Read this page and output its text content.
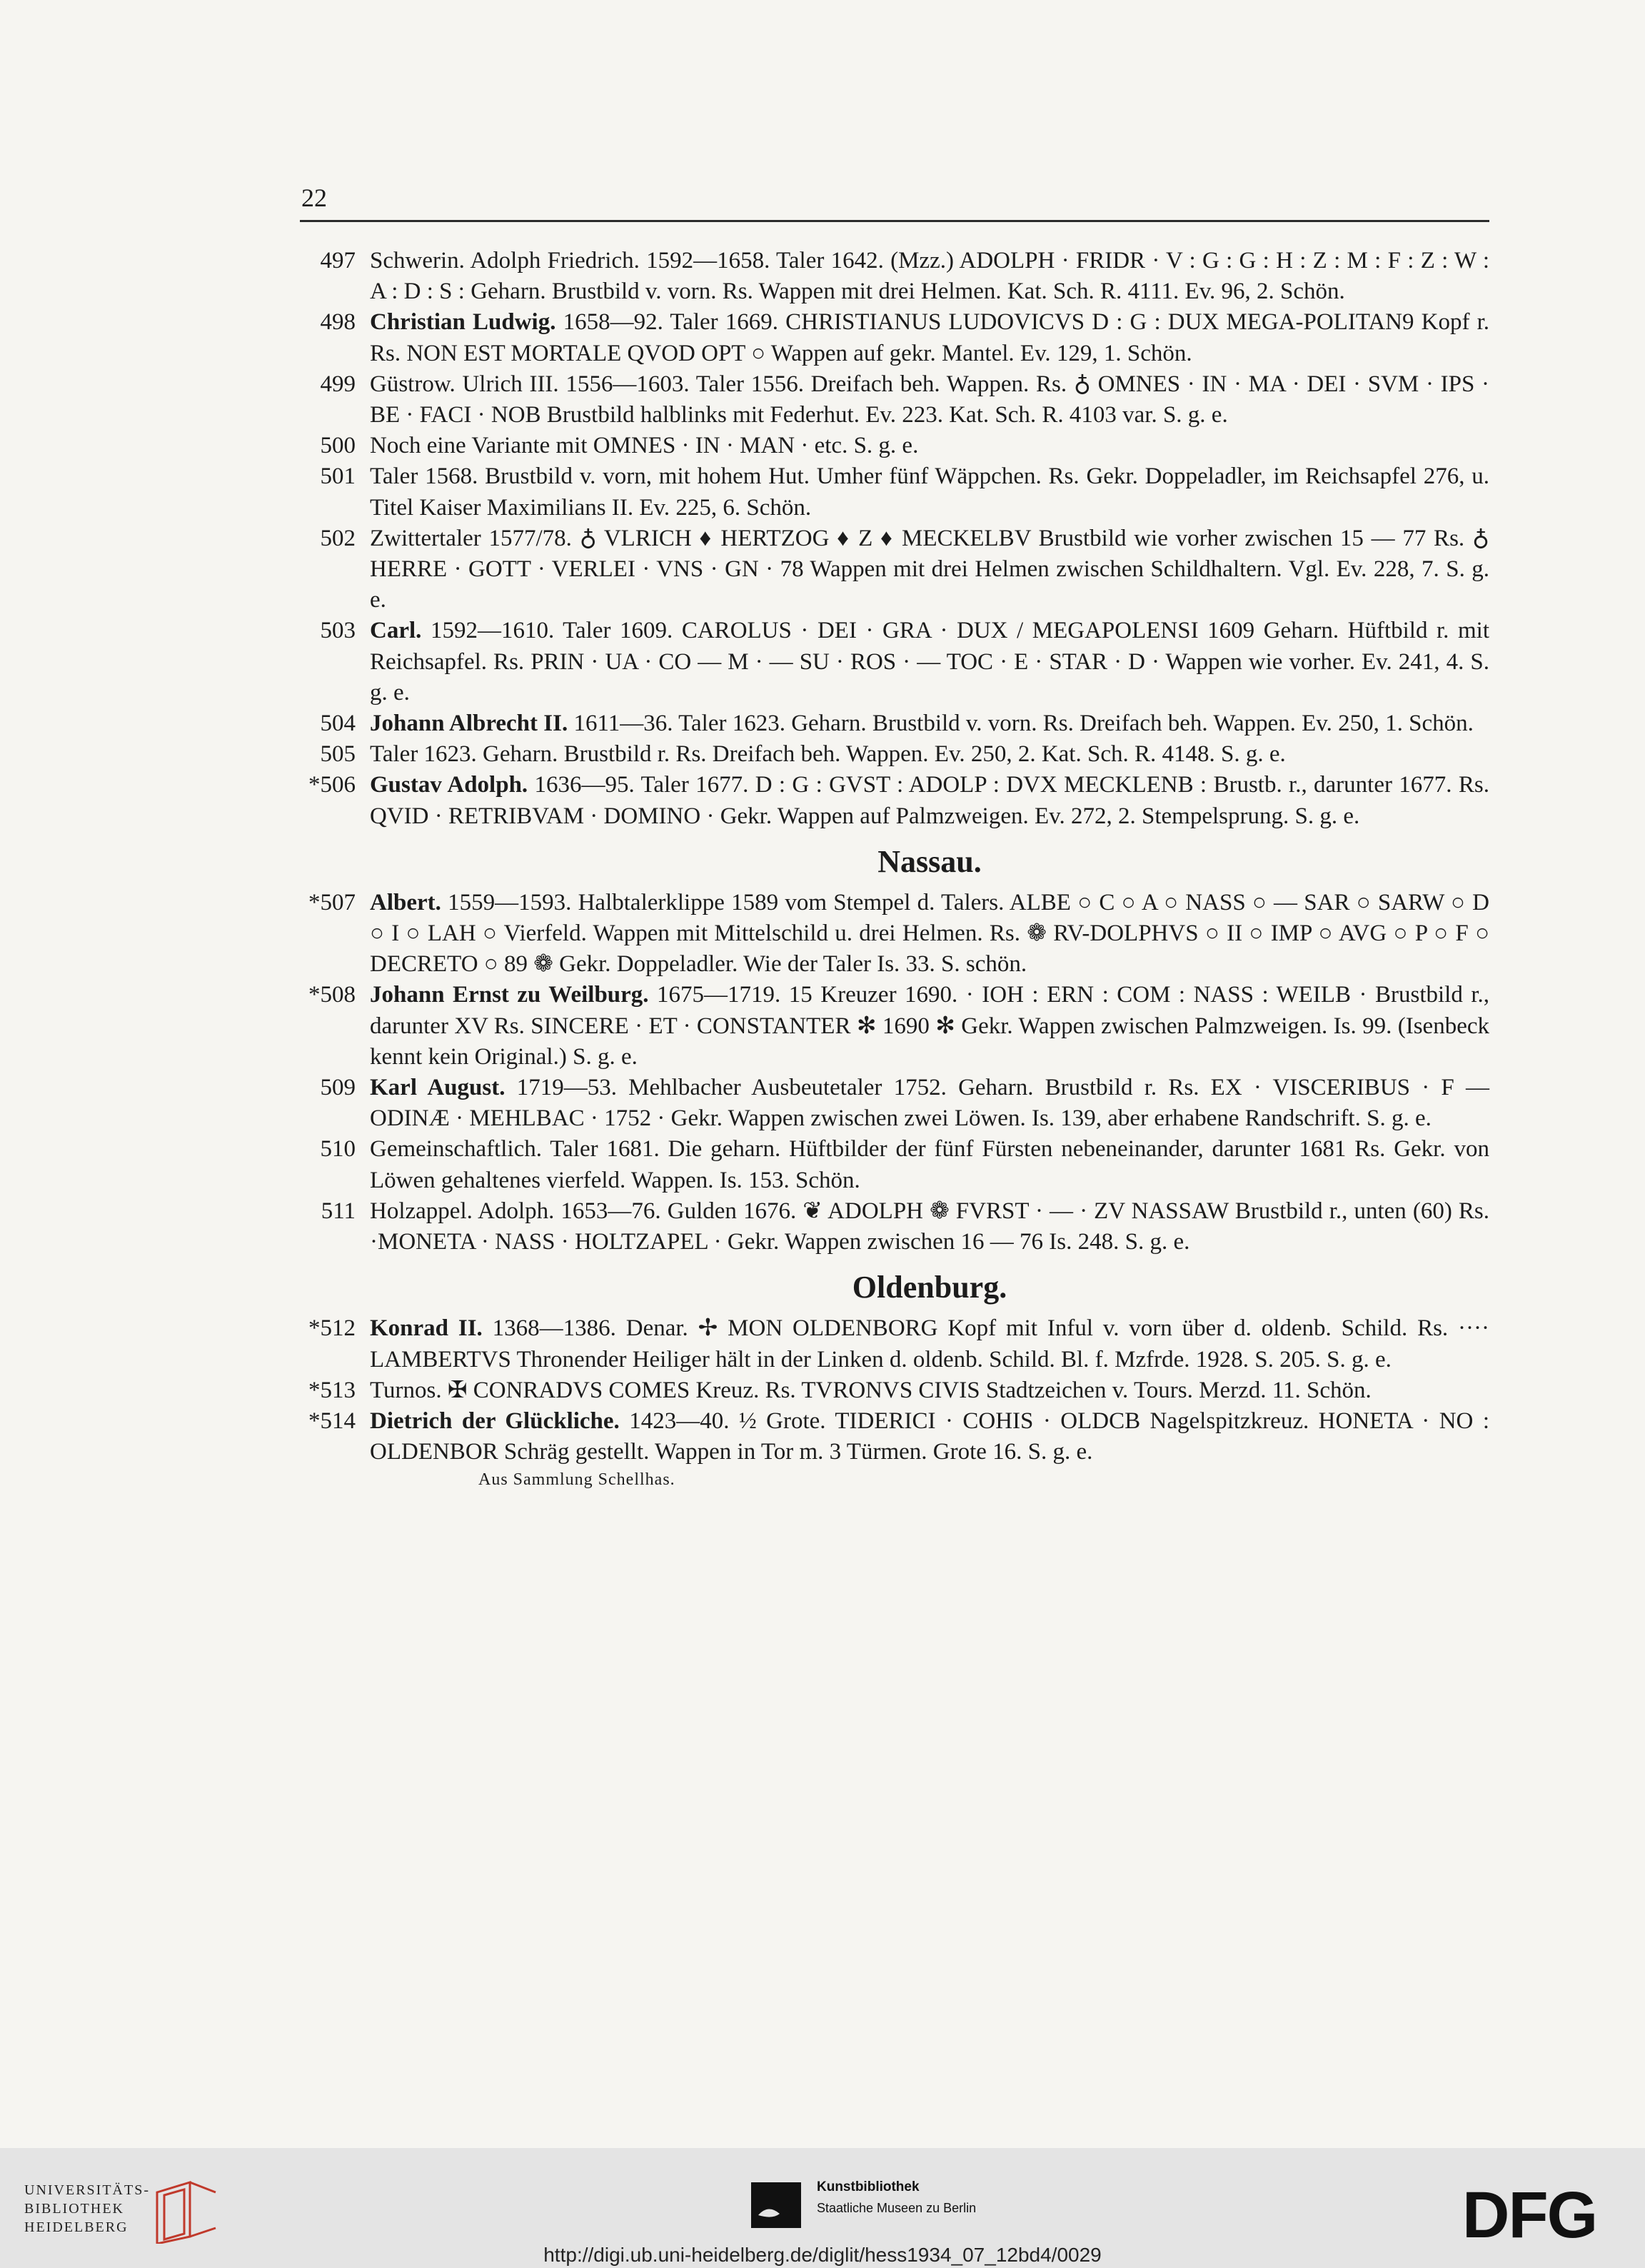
22

497 Schwerin. Adolph Friedrich. 1592—1658. Taler 1642. (Mzz.) ADOLPH · FRIDR · V : G : G : H : Z : M : F : Z : W : A : D : S : Geharn. Brustbild v. vorn. Rs. Wappen mit drei Helmen. Kat. Sch. R. 4111. Ev. 96, 2. Schön.

498 Christian Ludwig. 1658—92. Taler 1669. CHRISTIANUS LUDOVICVS D : G : DUX MEGA-POLITAN9 Kopf r. Rs. NON EST MORTALE QVOD OPT ○ Wappen auf gekr. Mantel. Ev. 129, 1. Schön.

499 Güstrow. Ulrich III. 1556—1603. Taler 1556. Dreifach beh. Wappen. Rs. ♁ OMNES · IN · MA · DEI · SVM · IPS · BE · FACI · NOB Brustbild halblinks mit Federhut. Ev. 223. Kat. Sch. R. 4103 var. S. g. e.

500 Noch eine Variante mit OMNES · IN · MAN · etc. S. g. e.

501 Taler 1568. Brustbild v. vorn, mit hohem Hut. Umher fünf Wäppchen. Rs. Gekr. Doppeladler, im Reichsapfel 276, u. Titel Kaiser Maximilians II. Ev. 225, 6. Schön.

502 Zwittertaler 1577/78. ♁ VLRICH ♦ HERTZOG ♦ Z ♦ MECKELBV Brustbild wie vorher zwischen 15 — 77 Rs. ♁ HERRE · GOTT · VERLEI · VNS · GN · 78 Wappen mit drei Helmen zwischen Schildhaltern. Vgl. Ev. 228, 7. S. g. e.

503 Carl. 1592—1610. Taler 1609. CAROLUS · DEI · GRA · DUX / MEGAPOLENSI 1609 Geharn. Hüftbild r. mit Reichsapfel. Rs. PRIN · UA · CO — M · — SU · ROS · — TOC · E · STAR · D · Wappen wie vorher. Ev. 241, 4. S. g. e.

504 Johann Albrecht II. 1611—36. Taler 1623. Geharn. Brustbild v. vorn. Rs. Dreifach beh. Wappen. Ev. 250, 1. Schön.

505 Taler 1623. Geharn. Brustbild r. Rs. Dreifach beh. Wappen. Ev. 250, 2. Kat. Sch. R. 4148. S. g. e.

*506 Gustav Adolph. 1636—95. Taler 1677. D : G : GVST : ADOLP : DVX MECKLENB : Brustb. r., darunter 1677. Rs. QVID · RETRIBVAM · DOMINO · Gekr. Wappen auf Palmzweigen. Ev. 272, 2. Stempelsprung. S. g. e.

Nassau.

*507 Albert. 1559—1593. Halbtalerklippe 1589 vom Stempel d. Talers. ALBE ○ C ○ A ○ NASS ○ — SAR ○ SARW ○ D ○ I ○ LAH ○ Vierfeld. Wappen mit Mittelschild u. drei Helmen. Rs. ❁ RV-DOLPHVS ○ II ○ IMP ○ AVG ○ P ○ F ○ DECRETO ○ 89 ❁ Gekr. Doppeladler. Wie der Taler Is. 33. S. schön.

*508 Johann Ernst zu Weilburg. 1675—1719. 15 Kreuzer 1690. · IOH : ERN : COM : NASS : WEILB · Brustbild r., darunter XV Rs. SINCERE · ET · CONSTANTER ✻ 1690 ✻ Gekr. Wappen zwischen Palmzweigen. Is. 99. (Isenbeck kennt kein Original.) S. g. e.

509 Karl August. 1719—53. Mehlbacher Ausbeutetaler 1752. Geharn. Brustbild r. Rs. EX · VISCERIBUS · F — ODINÆ · MEHLBAC · 1752 · Gekr. Wappen zwischen zwei Löwen. Is. 139, aber erhabene Randschrift. S. g. e.

510 Gemeinschaftlich. Taler 1681. Die geharn. Hüftbilder der fünf Fürsten nebeneinander, darunter 1681 Rs. Gekr. von Löwen gehaltenes vierfeld. Wappen. Is. 153. Schön.

511 Holzappel. Adolph. 1653—76. Gulden 1676. ❦ ADOLPH ❁ FVRST · — · ZV NASSAW Brustbild r., unten (60) Rs. ·MONETA · NASS · HOLTZAPEL · Gekr. Wappen zwischen 16 — 76 Is. 248. S. g. e.

Oldenburg.

*512 Konrad II. 1368—1386. Denar. ✢ MON OLDENBORG Kopf mit Inful v. vorn über d. oldenb. Schild. Rs. ···· LAMBERTVS Thronender Heiliger hält in der Linken d. oldenb. Schild. Bl. f. Mzfrde. 1928. S. 205. S. g. e.

*513 Turnos. ✠ CONRADVS COMES Kreuz. Rs. TVRONVS CIVIS Stadtzeichen v. Tours. Merzd. 11. Schön.

*514 Dietrich der Glückliche. 1423—40. ½ Grote. TIDERICI · COHIS · OLDCB Nagelspitzkreuz. HONETA · NO : OLDENBOR Schräg gestellt. Wappen in Tor m. 3 Türmen. Grote 16. S. g. e.

Aus Sammlung Schellhas.
UNIVERSITÄTS-
BIBLIOTHEK
HEIDELBERG
Kunstbibliothek
Staatliche Museen zu Berlin	DFG
http://digi.ub.uni-heidelberg.de/diglit/hess1934_07_12bd4/0029
